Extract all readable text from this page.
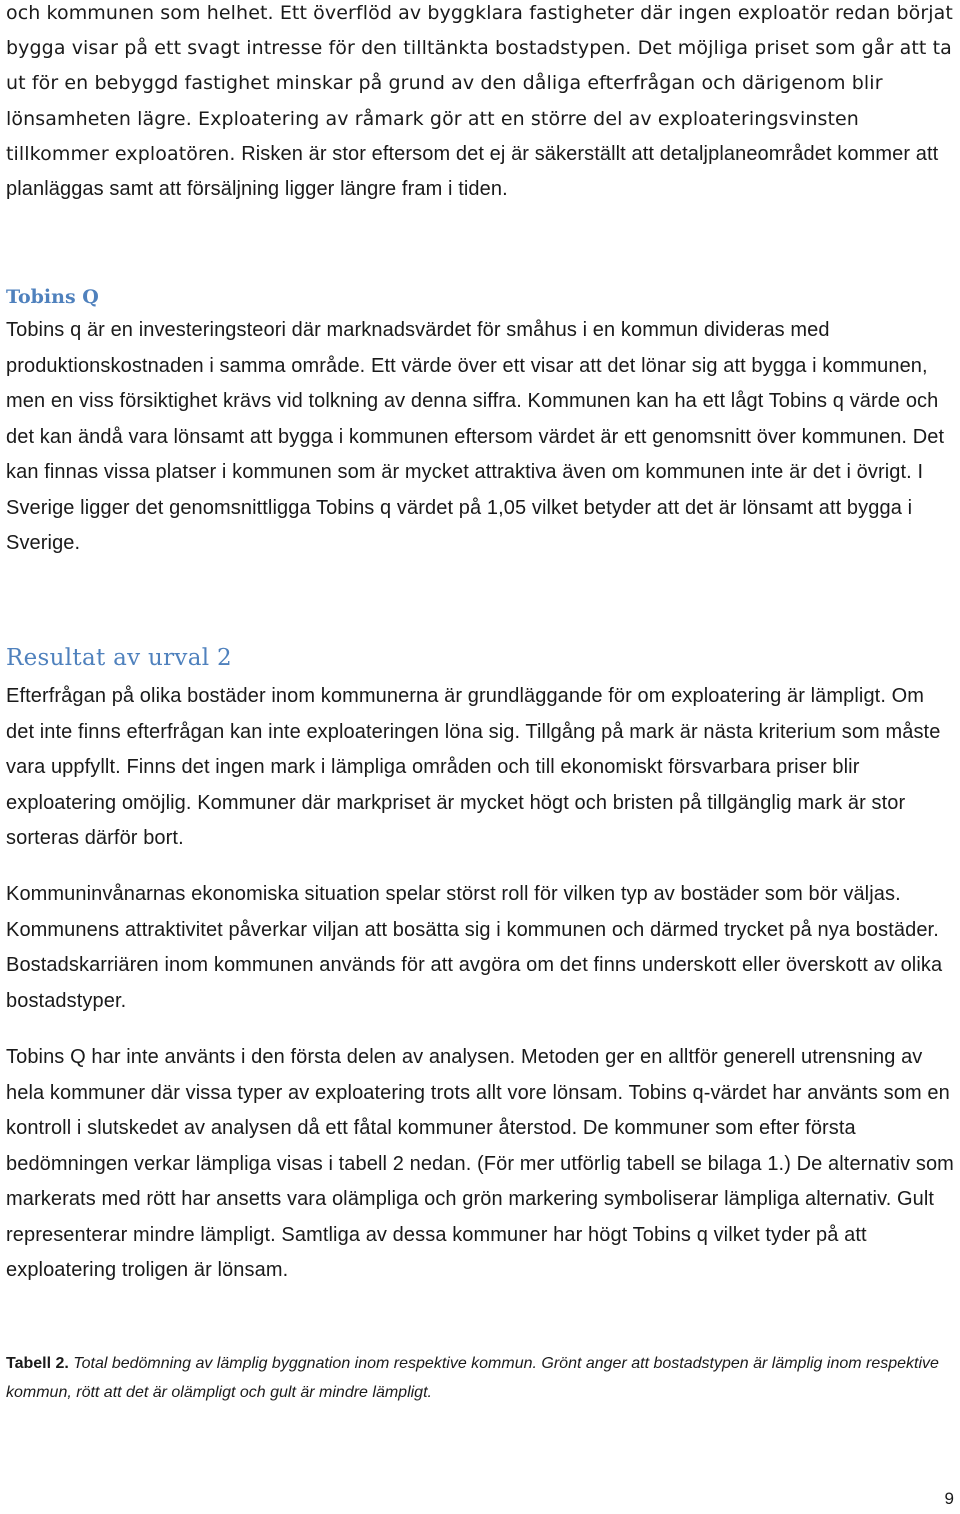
och kommunen som helhet. Ett överflöd av byggklara fastigheter där ingen exploatör redan börjat bygga visar på ett svagt intresse för den tilltänkta bostadstypen. Det möjliga priset som går att ta ut för en bebyggd fastighet minskar på grund av den dåliga efterfrågan och därigenom blir lönsamheten lägre. Exploatering av råmark gör att en större del av exploateringsvinsten tillkommer exploatören. Risken är stor eftersom det ej är säkerställt att detaljplaneområdet kommer att planläggas samt att försäljning ligger längre fram i tiden.

Tobins Q

Tobins q är en investeringsteori där marknadsvärdet för småhus i en kommun divideras med produktionskostnaden i samma område. Ett värde över ett visar att det lönar sig att bygga i kommunen, men en viss försiktighet krävs vid tolkning av denna siffra. Kommunen kan ha ett lågt Tobins q värde och det kan ändå vara lönsamt att bygga i kommunen eftersom värdet är ett genomsnitt över kommunen. Det kan finnas vissa platser i kommunen som är mycket attraktiva även om kommunen inte är det i övrigt. I Sverige ligger det genomsnittligga Tobins q värdet på 1,05 vilket betyder att det är lönsamt att bygga i Sverige.

Resultat av urval 2

Efterfrågan på olika bostäder inom kommunerna är grundläggande för om exploatering är lämpligt. Om det inte finns efterfrågan kan inte exploateringen löna sig. Tillgång på mark är nästa kriterium som måste vara uppfyllt. Finns det ingen mark i lämpliga områden och till ekonomiskt försvarbara priser blir exploatering omöjlig. Kommuner där markpriset är mycket högt och bristen på tillgänglig mark är stor sorteras därför bort.

Kommuninvånarnas ekonomiska situation spelar störst roll för vilken typ av bostäder som bör väljas. Kommunens attraktivitet påverkar viljan att bosätta sig i kommunen och därmed trycket på nya bostäder. Bostadskarriären inom kommunen används för att avgöra om det finns underskott eller överskott av olika bostadstyper.

Tobins Q har inte använts i den första delen av analysen. Metoden ger en alltför generell utrensning av hela kommuner där vissa typer av exploatering trots allt vore lönsam. Tobins q-värdet har använts som en kontroll i slutskedet av analysen då ett fåtal kommuner återstod. De kommuner som efter första bedömningen verkar lämpliga visas i tabell 2 nedan. (För mer utförlig tabell se bilaga 1.) De alternativ som markerats med rött har ansetts vara olämpliga och grön markering symboliserar lämpliga alternativ. Gult representerar mindre lämpligt. Samtliga av dessa kommuner har högt Tobins q vilket tyder på att exploatering troligen är lönsam.

Tabell 2. Total bedömning av lämplig byggnation inom respektive kommun. Grönt anger att bostadstypen är lämplig inom respektive kommun, rött att det är olämpligt och gult är mindre lämpligt.

9
